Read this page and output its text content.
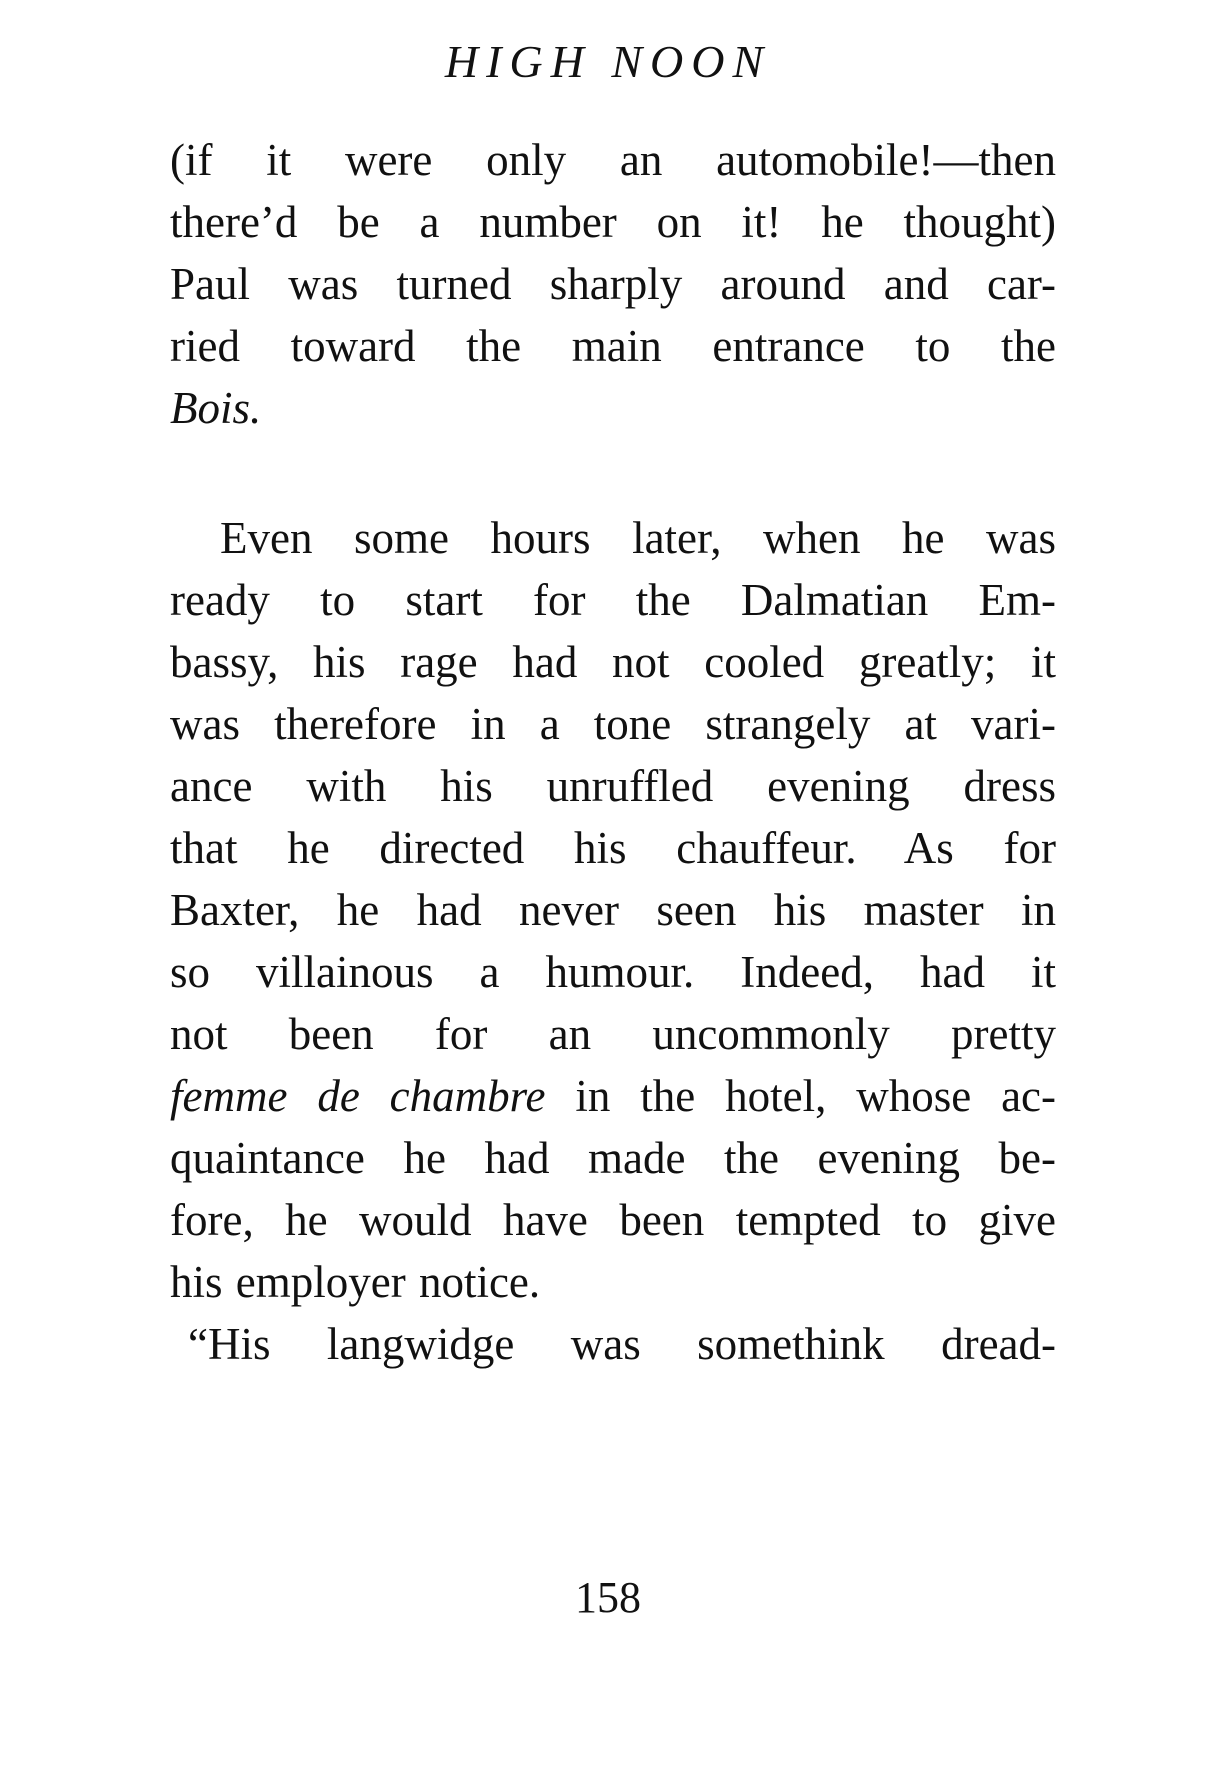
HIGH NOON
(if it were only an automobile!—then
there’d be a number on it! he thought)
Paul was turned sharply around and car-
ried toward the main entrance to the
Bois.
Even some hours later, when he was
ready to start for the Dalmatian Em-
bassy, his rage had not cooled greatly; it
was therefore in a tone strangely at vari-
ance with his unruffled evening dress
that he directed his chauffeur. As for
Baxter, he had never seen his master in
so villainous a humour. Indeed, had it
not been for an uncommonly pretty
femme de chambre in the hotel, whose ac-
quaintance he had made the evening be-
fore, he would have been tempted to give
his employer notice.
“His langwidge was somethink dread-
158
